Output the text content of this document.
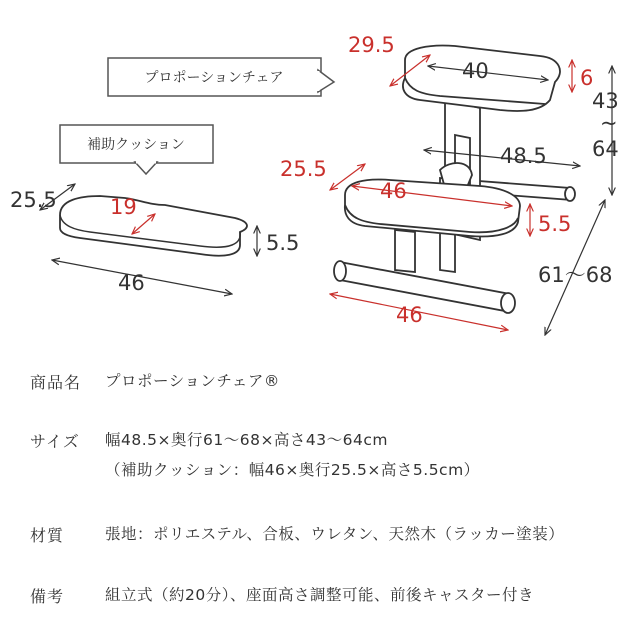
プロポーションチェア
補助クッション
25.5	19
5.5
46
29.5
40	6
43
~
64
48.5
25.5
46
5.5
61〜68
46
商品名 プロポーションチェア®
サイズ 幅48.5×奥行61〜68×高さ43〜64cm
（補助クッション：幅46×奥行25.5×高さ5.5cm）
材質	張地：ポリエステル、合板、ウレタン、天然木（ラッカー塗装）
備考	組立式（約20分）、座面高さ調整可能、前後キャスター付き
